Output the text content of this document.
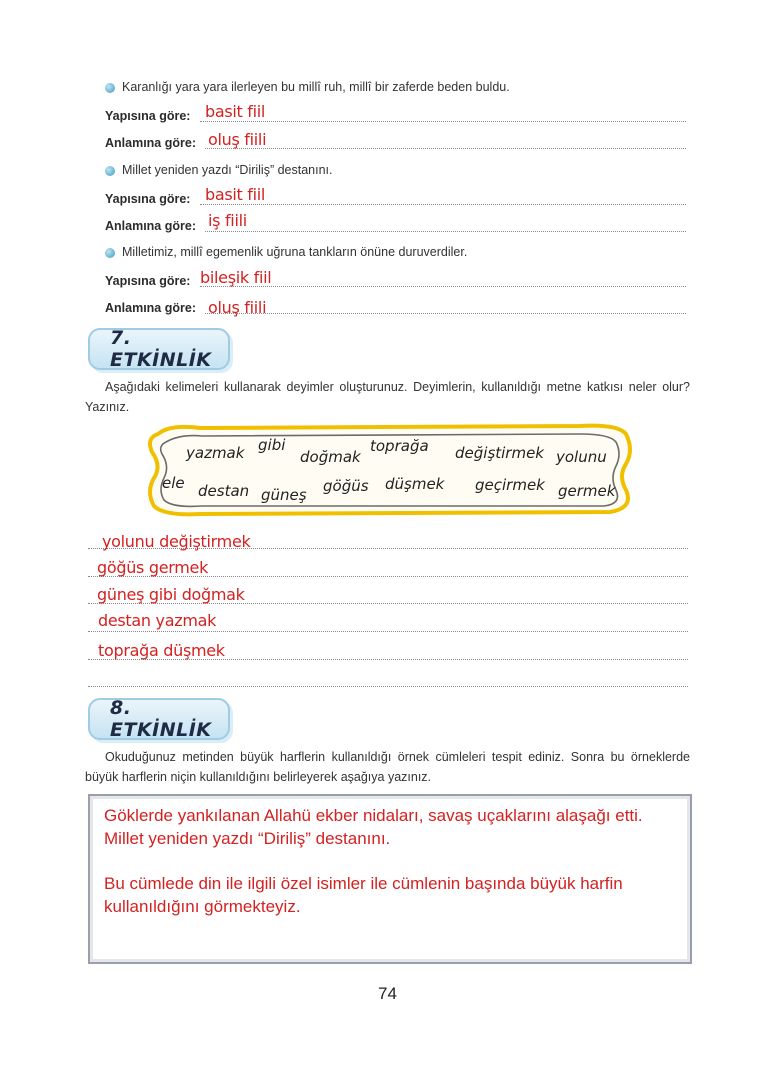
Karanlığı yara yara ilerleyen bu millî ruh, millî bir zaferde beden buldu.
Yapısına göre: basit fiil
Anlamına göre: oluş fiili
Millet yeniden yazdı “Diriliş” destanını.
Yapısına göre: basit fiil
Anlamına göre: iş fiili
Milletimiz, millî egemenlik uğruna tankların önüne duruverdiler.
Yapısına göre: bileşik fiil
Anlamına göre: oluş fiili
7. ETKİNLİK
Aşağıdaki kelimeleri kullanarak deyimler oluşturunuz. Deyimlerin, kullanıldığı metne katkısı neler olur? Yazınız.
yazmak gibi
doğmak
toprağa değiştirmek yolunu
ele destan güneş göğüs düşmek geçirmek germek
yolunu değiştirmek
göğüs germek
güneş gibi doğmak
destan yazmak
toprağa düşmek
8. ETKİNLİK
Okuduğunuz metinden büyük harflerin kullanıldığı örnek cümleleri tespit ediniz. Sonra bu örneklerde büyük harflerin niçin kullanıldığını belirleyerek aşağıya yazınız.
Göklerde yankılanan Allahü ekber nidaları, savaş uçaklarını alaşağı etti.
Millet yeniden yazdı “Diriliş” destanını.
Bu cümlede din ile ilgili özel isimler ile cümlenin başında büyük harfin
kullanıldığını görmekteyiz.
74
